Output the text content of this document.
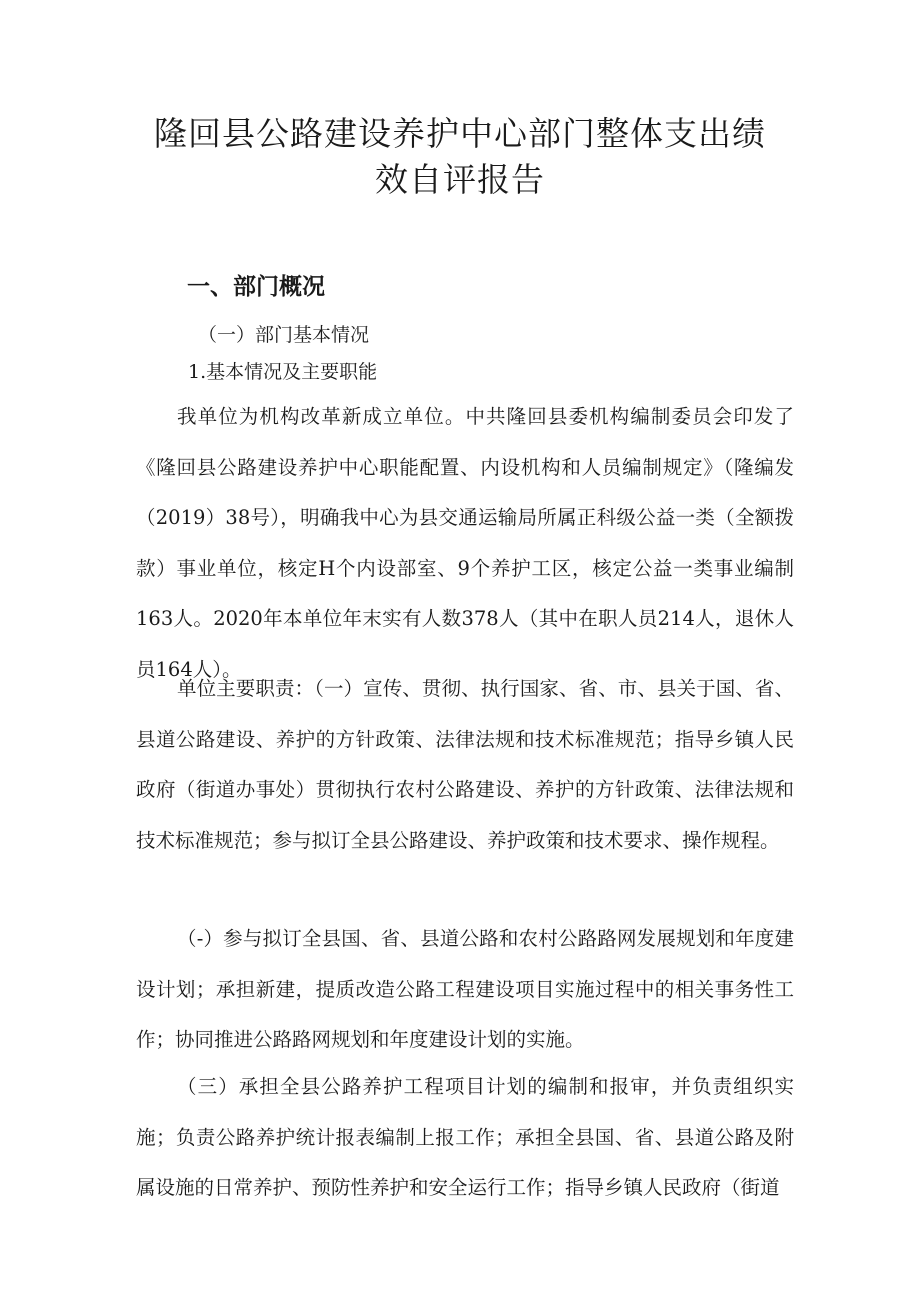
隆回县公路建设养护中心部门整体支出绩
效自评报告
一、部门概况
（一）部门基本情况
1.基本情况及主要职能

我单位为机构改革新成立单位。中共隆回县委机构编制委员会印发了《隆回县公路建设养护中心职能配置、内设机构和人员编制规定》（隆编发（2019）38号），明确我中心为县交通运输局所属正科级公益一类（全额拨款）事业单位，核定H个内设部室、9个养护工区，核定公益一类事业编制163人。2020年本单位年末实有人数378人（其中在职人员214人，退休人员164人）。

单位主要职责：（一）宣传、贯彻、执行国家、省、市、县关于国、省、县道公路建设、养护的方针政策、法律法规和技术标准规范；指导乡镇人民政府（街道办事处）贯彻执行农村公路建设、养护的方针政策、法律法规和技术标准规范；参与拟订全县公路建设、养护政策和技术要求、操作规程。

（-）参与拟订全县国、省、县道公路和农村公路路网发展规划和年度建设计划；承担新建，提质改造公路工程建设项目实施过程中的相关事务性工作；协同推进公路路网规划和年度建设计划的实施。

（三）承担全县公路养护工程项目计划的编制和报审，并负责组织实施；负责公路养护统计报表编制上报工作；承担全县国、省、县道公路及附属设施的日常养护、预防性养护和安全运行工作；指导乡镇人民政府（街道
